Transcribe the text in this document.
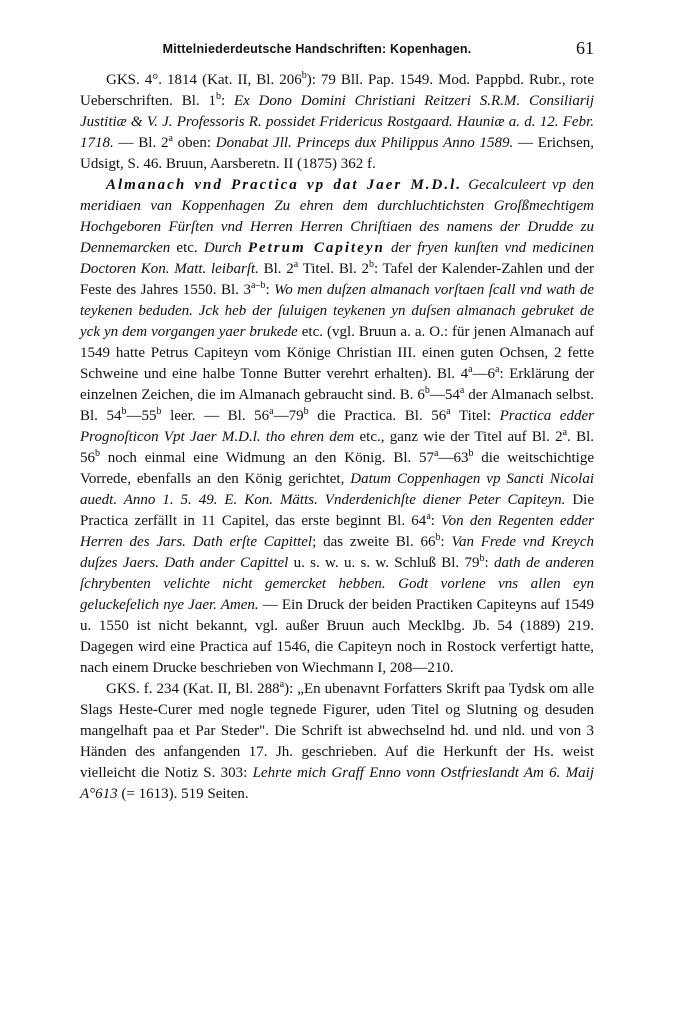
Mittelniederdeutsche Handschriften: Kopenhagen.	61

GKS. 4°. 1814 (Kat. II, Bl. 206$^b$): 79 Bll. Pap. 1549. Mod. Pappbd. Rubr., rote Ueberschriften. Bl. 1$^b$: Ex Dono Domini Christiani Reitzeri S.R.M. Consiliarij Justitiæ & V. J. Professoris R. possidet Fridericus Rostgaard. Hauniæ a. d. 12. Febr. 1718. — Bl. 2$^a$ oben: Donabat Jll. Princeps dux Philippus Anno 1589. — Erichsen, Udsigt, S. 46. Bruun, Aarsberetn. II (1875) 362 f.

Almanach vnd Practica vp dat Jaer M.D.l. Gecalculeert vp den meridiaen van Koppenhagen Zu ehren dem durchluchtichsten Groſßmechtigem Hochgeboren Fürſten vnd Herren Herren Chriſtiaen des namens der Drudde zu Dennemarcken etc. Durch Petrum Capiteyn der fryen kunſten vnd medicinen Doctoren Kon. Matt. leibarſt. Bl. 2$^a$ Titel. Bl. 2$^b$: Tafel der Kalender-Zahlen und der Feste des Jahres 1550. Bl. 3$^{a-b}$: Wo men duſzen almanach vorſtaen ſcall vnd wath de teykenen beduden. Jck heb der ſuluigen teykenen yn duſsen almanach gebruket de yck yn dem vorgangen yaer brukede etc. (vgl. Bruun a. a. O.: für jenen Almanach auf 1549 hatte Petrus Capiteyn vom Könige Christian III. einen guten Ochsen, 2 fette Schweine und eine halbe Tonne Butter verehrt erhalten). Bl. 4$^a$—6$^a$: Erklärung der einzelnen Zeichen, die im Almanach gebraucht sind. B. 6$^b$—54$^a$ der Almanach selbst. Bl. 54$^b$—55$^b$ leer. — Bl. 56$^a$—79$^b$ die Practica. Bl. 56$^a$ Titel: Practica edder Prognoſticon Vpt Jaer M.D.l. tho ehren dem etc., ganz wie der Titel auf Bl. 2$^a$. Bl. 56$^b$ noch einmal eine Widmung an den König. Bl. 57$^a$—63$^b$ die weitschichtige Vorrede, ebenfalls an den König gerichtet, Datum Coppenhagen vp Sancti Nicolai auedt. Anno 1. 5. 49. E. Kon. Mätts. Vnderdenichſte diener Peter Capiteyn. Die Practica zerfällt in 11 Capitel, das erste beginnt Bl. 64$^a$: Von den Regenten edder Herren des Jars. Dath erſte Capittel; das zweite Bl. 66$^b$: Van Frede vnd Kreych duſzes Jaers. Dath ander Capittel u. s. w. u. s. w. Schluß Bl. 79$^b$: dath de anderen ſchrybenten velichte nicht gemercket hebben. Godt vorlene vns allen eyn geluckeſelich nye Jaer. Amen. — Ein Druck der beiden Practiken Capiteyns auf 1549 u. 1550 ist nicht bekannt, vgl. außer Bruun auch Mecklbg. Jb. 54 (1889) 219. Dagegen wird eine Practica auf 1546, die Capiteyn noch in Rostock verfertigt hatte, nach einem Drucke beschrieben von Wiechmann I, 208—210.

GKS. f. 234 (Kat. II, Bl. 288$^a$): „En ubenavnt Forfatters Skrift paa Tydsk om alle Slags Heste-Curer med nogle tegnede Figurer, uden Titel og Slutning og desuden mangelhaft paa et Par Steder". Die Schrift ist abwechselnd hd. und nld. und von 3 Händen des anfangenden 17. Jh. geschrieben. Auf die Herkunft der Hs. weist vielleicht die Notiz S. 303: Lehrte mich Graff Enno vonn Ostfrieslandt Am 6. Maij A°613 (= 1613). 519 Seiten.
